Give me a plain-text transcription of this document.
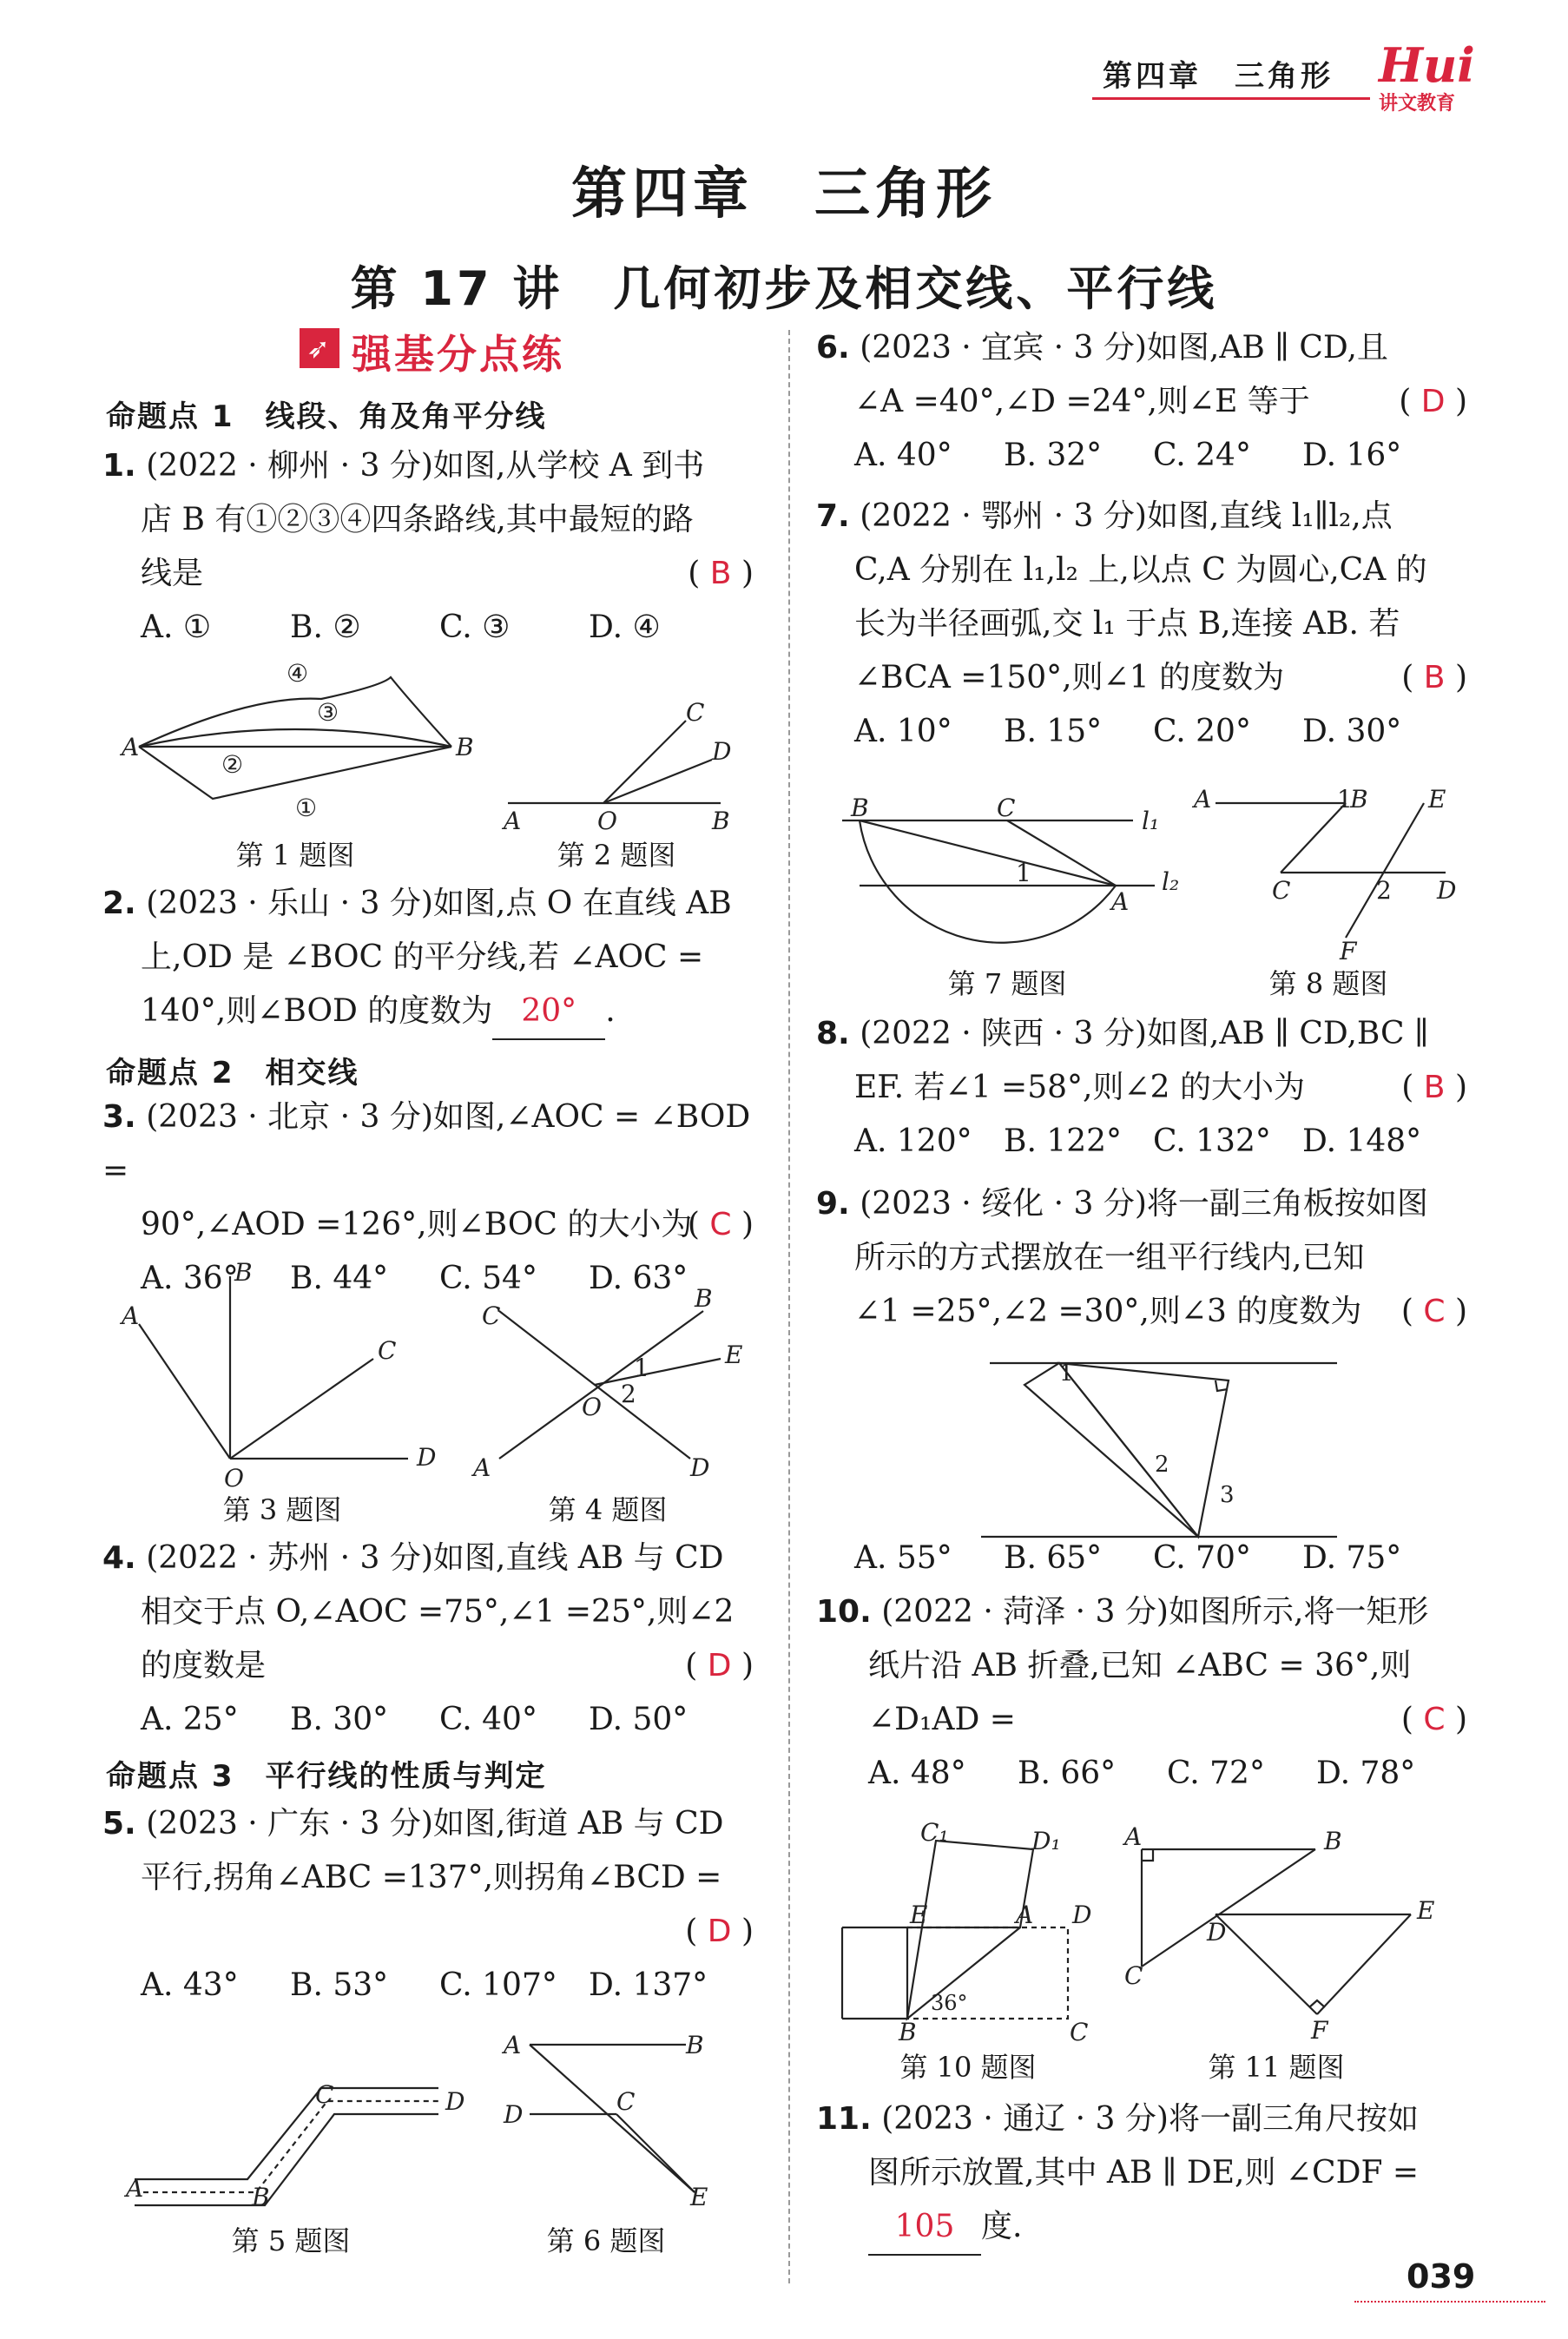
第四章　三角形 Hui
讲文教育
第四章　三角形
第 17 讲　几何初步及相交线、平行线
➶ 强基分点练
命题点 1　线段、角及角平分线
1. (2022 · 柳州 · 3 分)如图,从学校 A 到书
店 B 有①②③④四条路线,其中最短的路
线是	( B )
A. ①	B. ②	C. ③	D. ④
A	B
④
③
②
①
第 1 题图
C
D
A	O	B
第 2 题图
2. (2023 · 乐山 · 3 分)如图,点 O 在直线 AB
上,OD 是 ∠BOC 的平分线,若 ∠AOC =
140°,则∠BOD 的度数为 20° .
命题点 2　相交线
3. (2023 · 北京 · 3 分)如图,∠AOC = ∠BOD =
90°,∠AOD =126°,则∠BOC 的大小为
( C )
A. 36° B. 44° C. 54° D. 63°
B
A
C
D
O
第 3 题图
C
B
E
A	D
O
1
2
第 4 题图
4. (2022 · 苏州 · 3 分)如图,直线 AB 与 CD
相交于点 O,∠AOC =75°,∠1 =25°,则∠2
的度数是	( D )
A. 25° B. 30° C. 40° D. 50°
命题点 3　平行线的性质与判定
5. (2023 · 广东 · 3 分)如图,街道 AB 与 CD
平行,拐角∠ABC =137°,则拐角∠BCD =
( D )
A. 43° B. 53° C. 107° D. 137°
A	B
C	D
第 5 题图
A	B
D	C
E
第 6 题图
6. (2023 · 宜宾 · 3 分)如图,AB ∥ CD,且
∠A =40°,∠D =24°,则∠E 等于	( D )
A. 40° B. 32° C. 24° D. 16°
7. (2022 · 鄂州 · 3 分)如图,直线 l₁∥l₂,点
C,A 分别在 l₁,l₂ 上,以点 C 为圆心,CA 的
长为半径画弧,交 l₁ 于点 B,连接 AB. 若
∠BCA =150°,则∠1 的度数为	( B )
A. 10° B. 15° C. 20° D. 30°
B	C	l₁
l₂
A
1
第 7 题图
A	1
B E
C	2 D
F
第 8 题图
8. (2022 · 陕西 · 3 分)如图,AB ∥ CD,BC ∥
EF. 若∠1 =58°,则∠2 的大小为	( B )
A. 120° B. 122° C. 132° D. 148°
9. (2023 · 绥化 · 3 分)将一副三角板按如图
所示的方式摆放在一组平行线内,已知
∠1 =25°,∠2 =30°,则∠3 的度数为 ( C )
1
2
3
A. 55° B. 65° C. 70° D. 75°
10. (2022 · 菏泽 · 3 分)如图所示,将一矩形
纸片沿 AB 折叠,已知 ∠ABC = 36°,则
∠D₁AD =	( C )
A. 48° B. 66° C. 72° D. 78°
C₁	D₁
E	A D
B	C
36°
第 10 题图
A	B
C
D
E
F
第 11 题图
11. (2023 · 通辽 · 3 分)将一副三角尺按如
图所示放置,其中 AB ∥ DE,则 ∠CDF =
105 度.
039
